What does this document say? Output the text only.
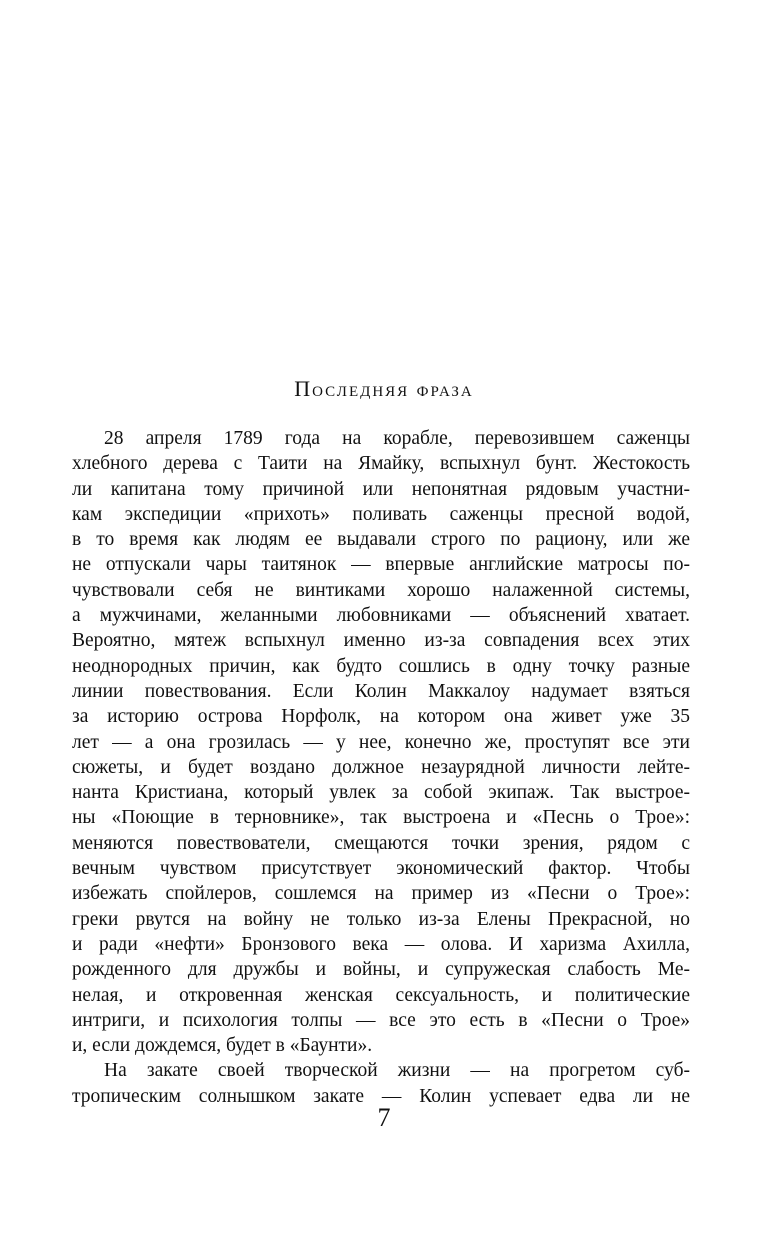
Последняя фраза
28 апреля 1789 года на корабле, перевозившем саженцы
хлебного дерева с Таити на Ямайку, вспыхнул бунт. Жестокость
ли капитана тому причиной или непонятная рядовым участни-
кам экспедиции «прихоть» поливать саженцы пресной водой,
в то время как людям ее выдавали строго по рациону, или же
не отпускали чары таитянок — впервые английские матросы по-
чувствовали себя не винтиками хорошо налаженной системы,
а мужчинами, желанными любовниками — объяснений хватает.
Вероятно, мятеж вспыхнул именно из-за совпадения всех этих
неоднородных причин, как будто сошлись в одну точку разные
линии повествования. Если Колин Маккалоу надумает взяться
за историю острова Норфолк, на котором она живет уже 35
лет — а она грозилась — у нее, конечно же, проступят все эти
сюжеты, и будет воздано должное незаурядной личности лейте-
нанта Кристиана, который увлек за собой экипаж. Так выстрое-
ны «Поющие в терновнике», так выстроена и «Песнь о Трое»:
меняются повествователи, смещаются точки зрения, рядом с
вечным чувством присутствует экономический фактор. Чтобы
избежать спойлеров, сошлемся на пример из «Песни о Трое»:
греки рвутся на войну не только из-за Елены Прекрасной, но
и ради «нефти» Бронзового века — олова. И харизма Ахилла,
рожденного для дружбы и войны, и супружеская слабость Ме-
нелая, и откровенная женская сексуальность, и политические
интриги, и психология толпы — все это есть в «Песни о Трое»
и, если дождемся, будет в «Баунти».
На закате своей творческой жизни — на прогретом суб-
тропическим солнышком закате — Колин успевает едва ли не
7
